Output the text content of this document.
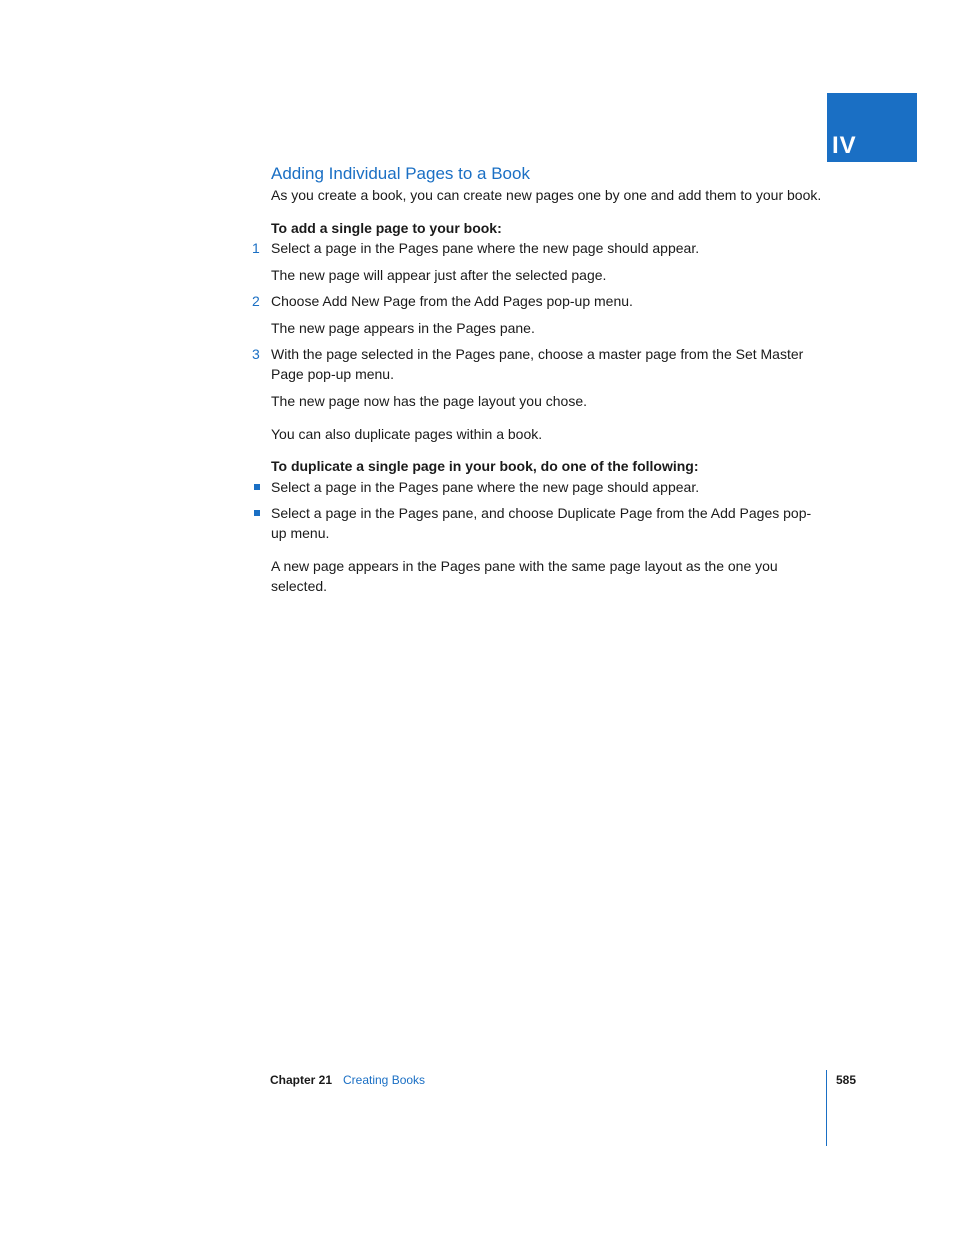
IV
Adding Individual Pages to a Book
As you create a book, you can create new pages one by one and add them to your book.
To add a single page to your book:
1 Select a page in the Pages pane where the new page should appear.
The new page will appear just after the selected page.
2 Choose Add New Page from the Add Pages pop-up menu.
The new page appears in the Pages pane.
3 With the page selected in the Pages pane, choose a master page from the Set Master Page pop-up menu.
The new page now has the page layout you chose.
You can also duplicate pages within a book.
To duplicate a single page in your book, do one of the following:
Select a page in the Pages pane where the new page should appear.
Select a page in the Pages pane, and choose Duplicate Page from the Add Pages pop-up menu.
A new page appears in the Pages pane with the same page layout as the one you selected.
Chapter 21 Creating Books	585
